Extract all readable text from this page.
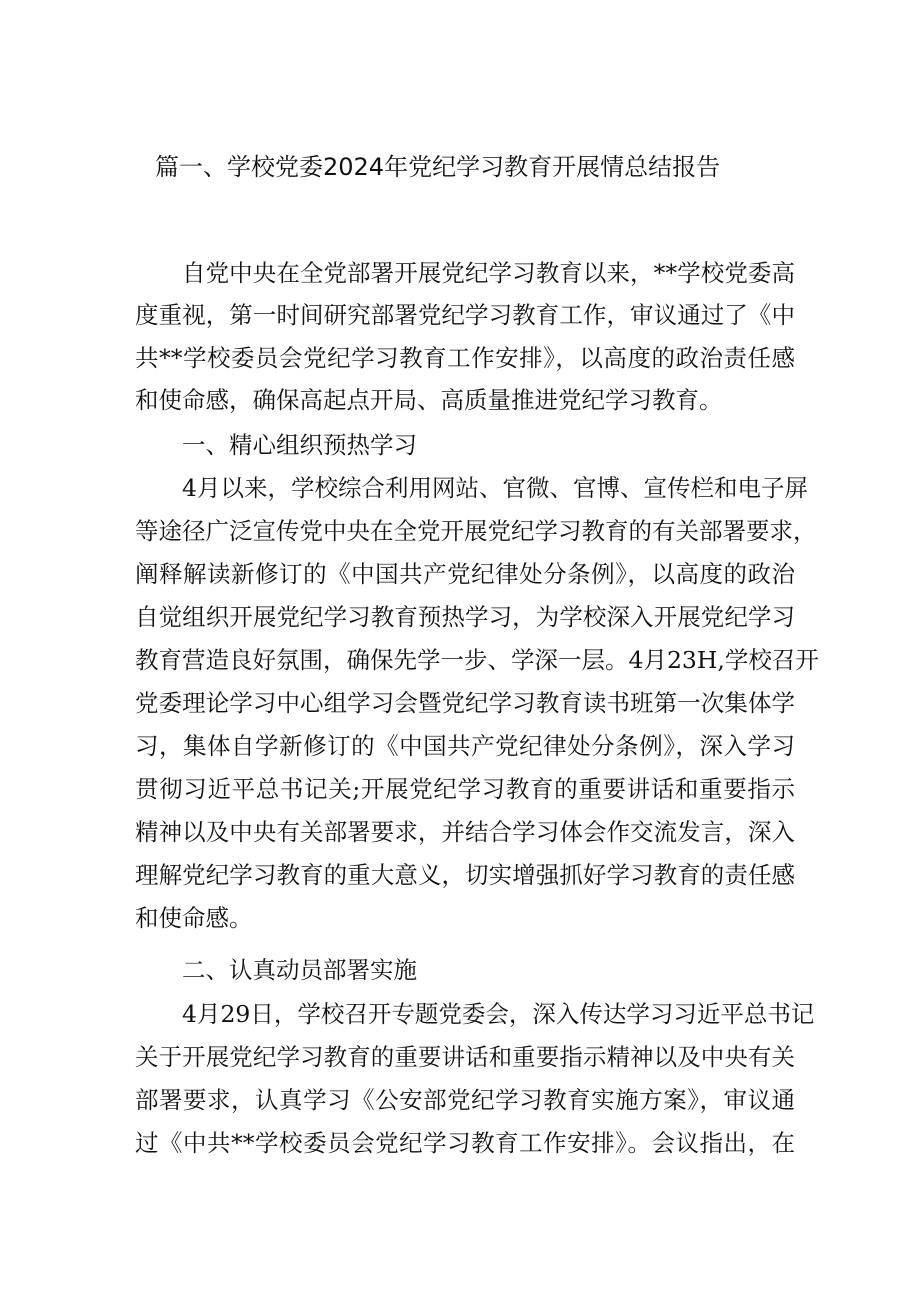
篇一、学校党委2024年党纪学习教育开展情总结报告

自党中央在全党部署开展党纪学习教育以来，**学校党委高

度重视，第一时间研究部署党纪学习教育工作，审议通过了《中

共**学校委员会党纪学习教育工作安排》，以高度的政治责任感

和使命感，确保高起点开局、高质量推进党纪学习教育。

一、精心组织预热学习

4月以来，学校综合利用网站、官微、官博、宣传栏和电子屏

等途径广泛宣传党中央在全党开展党纪学习教育的有关部署要求，

阐释解读新修订的《中国共产党纪律处分条例》，以高度的政治

自觉组织开展党纪学习教育预热学习，为学校深入开展党纪学习

教育营造良好氛围，确保先学一步、学深一层。4月23H,学校召开

党委理论学习中心组学习会暨党纪学习教育读书班第一次集体学

习，集体自学新修订的《中国共产党纪律处分条例》，深入学习

贯彻习近平总书记关;开展党纪学习教育的重要讲话和重要指示

精神以及中央有关部署要求，并结合学习体会作交流发言，深入

理解党纪学习教育的重大意义，切实增强抓好学习教育的责任感

和使命感。

二、认真动员部署实施

4月29日，学校召开专题党委会，深入传达学习习近平总书记

关于开展党纪学习教育的重要讲话和重要指示精神以及中央有关

部署要求，认真学习《公安部党纪学习教育实施方案》，审议通

过《中共**学校委员会党纪学习教育工作安排》。会议指出，在
